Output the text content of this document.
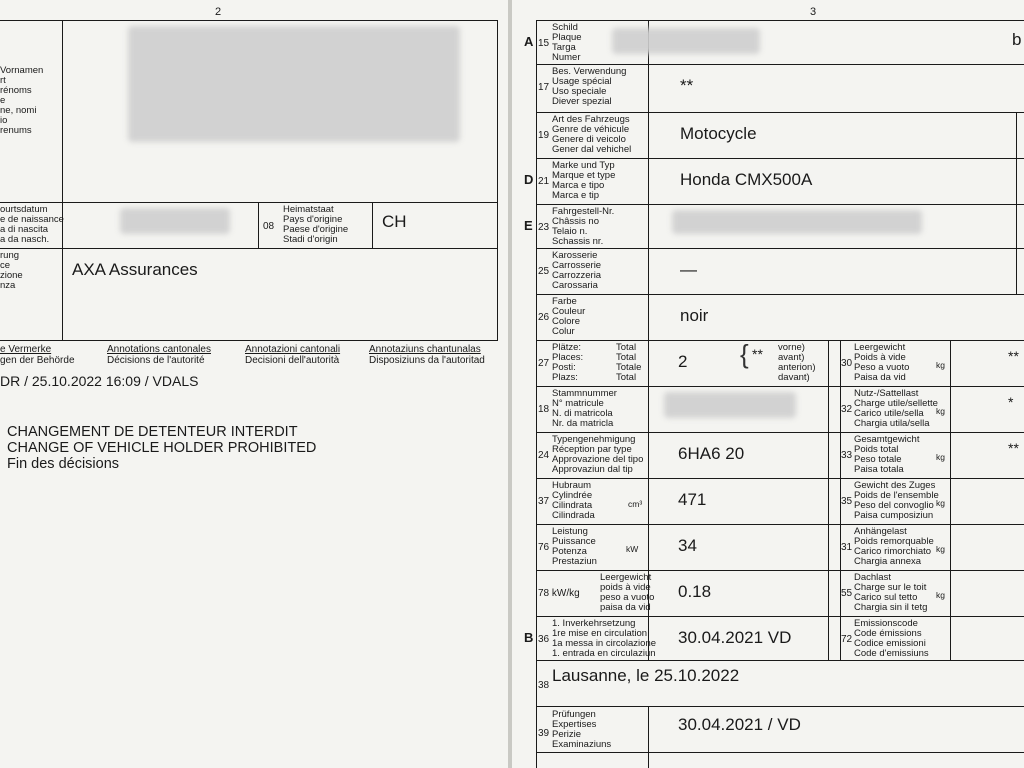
2
Vornamen
rt
rénoms
e
ne, nomi
io
renums
ourtsdatum
e de naissance
a di nascita
a da nasch.
08
Heimatstaat
Pays d'origine
Paese d'origine
Stadi d'origin
CH
rung
ce
zione
nza
AXA Assurances
e Vermerke
gen der Behörde
Annotations cantonales
Décisions de l'autorité
Annotazioni cantonali
Decisioni dell'autorità
Annotaziuns chantunalas
Disposiziuns da l'autoritad
DR / 25.10.2022 16:09 / VDALS
CHANGEMENT DE DETENTEUR INTERDIT
CHANGE OF VEHICLE HOLDER PROHIBITED
Fin des décisions
3
b
A 15
Schild
Plaque
Targa
Numer
17
Bes. Verwendung
Usage spécial
Uso speciale
Diever spezial
**
19
Art des Fahrzeugs
Genre de véhicule
Genere di veicolo
Gener dal vehichel
Motocycle
D 21
Marke und Typ
Marque et type
Marca e tipo
Marca e tip
Honda CMX500A
E 23
Fahrgestell-Nr.
Châssis no
Telaio n.
Schassis nr.
25
Karosserie
Carrosserie
Carrozzeria
Carossaria
—
26
Farbe
Couleur
Colore
Colur
noir
27
Plätze:
Places:
Posti:
Plazs:
2
18
Stammnummer
N° matricule
N. di matricola
Nr. da matricla
24
Typengenehmigung
Réception par type
Approvazione del tipo
Approvaziun dal tip
6HA6 20
37
Hubraum
Cylindrée
Cilindrata
Cilindrada
471
76
Leistung
Puissance
Potenza
Prestaziun
34
Leergewicht
poids à vide
peso a vuoto
paisa da vid
0.18
B 36
1. Inverkehrsetzung
1re mise en circulation
1a messa in circolazione
1. entrada en circulaziun
30.04.2021 VD
Total
Total
Totale
Total
**
{	vorne)
avant)
anterion)
davant)
cm³
kW
78 kW/kg
30
Leergewicht
Poids à vide
Peso a vuoto
Paisa da vid
kg
**
32
Nutz-/Sattellast
Charge utile/sellette
Carico utile/sella
Chargia utila/sella
kg
*
33
Gesamtgewicht
Poids total
Peso totale
Paisa totala
kg
**
35
Gewicht des Zuges
Poids de l'ensemble
Peso del convoglio
Paisa cumposiziun
kg
31
Anhängelast
Poids remorquable
Carico rimorchiato
Chargia annexa
kg
55
Dachlast
Charge sur le toit
Carico sul tetto
Chargia sin il tetg
kg
72
Emissionscode
Code émissions
Codice emissioni
Code d'emissiuns
38
Lausanne, le 25.10.2022
39
Prüfungen
Expertises
Perizie
Examinaziuns
30.04.2021 / VD
